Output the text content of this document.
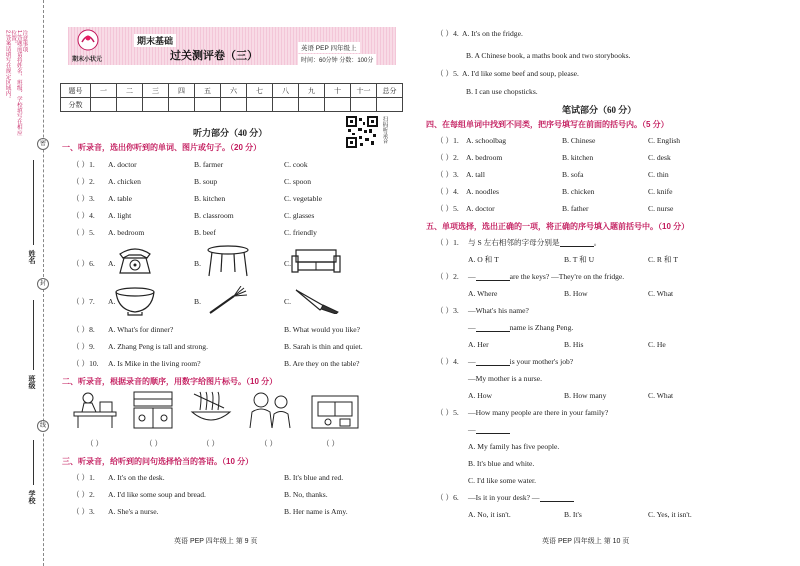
注意事项
1.答题前请将姓名、班级、学校填写在相应位置。
2.答案请填写在规定区域内。
密
封
线
姓名
班级
学校
期末小状元
期末基础
过关测评卷（三）
英语 PEP 四年级上
时间：60分钟 分数：100分
题号	一	二	三	四	五	六	七	八	九	十	十一	总分
分数												
扫码听录音
听力部分（40 分）
一、听录音，选出你听到的单词、图片或句子。（20 分）
（ ）1. A. doctor	B. farmer	C. cook
（ ）2. A. chicken	B. soup	C. spoon
（ ）3. A. table	B. kitchen	C. vegetable
（ ）4. A. light	B. classroom	C. glasses
（ ）5. A. bedroom	B. beef	C. friendly
（ ）6. A.	B.	C.
（ ）7. A.	B.	C.
（ ）8. A. What's for dinner?	B. What would you like?
（ ）9. A. Zhang Peng is tall and strong.	B. Sarah is thin and quiet.
（ ）10. A. Is Mike in the living room?	B. Are they on the table?
二、听录音，根据录音的顺序，用数字给图片标号。（10 分）
（ ）	（ ）	（ ）	（ ）	（ ）
三、听录音，给听到的问句选择恰当的答语。（10 分）
（ ）1. A. It's on the desk.	B. It's blue and red.
（ ）2. A. I'd like some soup and bread.	B. No, thanks.
（ ）3. A. She's a nurse.	B. Her name is Amy.
英语 PEP 四年级上 第 9 页
（ ）4. A. It's on the fridge.
B. A Chinese book, a maths book and two storybooks.
（ ）5. A. I'd like some beef and soup, please.
B. I can use chopsticks.
笔试部分（60 分）
四、在每组单词中找到不同类，把序号填写在前面的括号内。（5 分）
（ ）1. A. schoolbag	B. Chinese	C. English
（ ）2. A. bedroom	B. kitchen	C. desk
（ ）3. A. tall	B. sofa	C. thin
（ ）4. A. noodles	B. chicken	C. knife
（ ）5. A. doctor	B. father	C. nurse
五、单项选择，选出正确的一项，将正确的序号填入题前括号中。（10 分）
（ ）1. 与 S 左右相邻的字母分别是	。
A. O 和 T	B. T 和 U	C. R 和 T
（ ）2. —	are the keys? —They're on the fridge.
A. Where	B. How	C. What
（ ）3. —What's his name?
—	name is Zhang Peng.
A. Her	B. His	C. He
（ ）4. —	is your mother's job?
—My mother is a nurse.
A. How	B. How many	C. What
（ ）5. —How many people are there in your family?
—
A. My family has five people.
B. It's blue and white.
C. I'd like some water.
（ ）6. —Is it in your desk? —
A. No, it isn't.	B. It's	C. Yes, it isn't.
英语 PEP 四年级上 第 10 页
